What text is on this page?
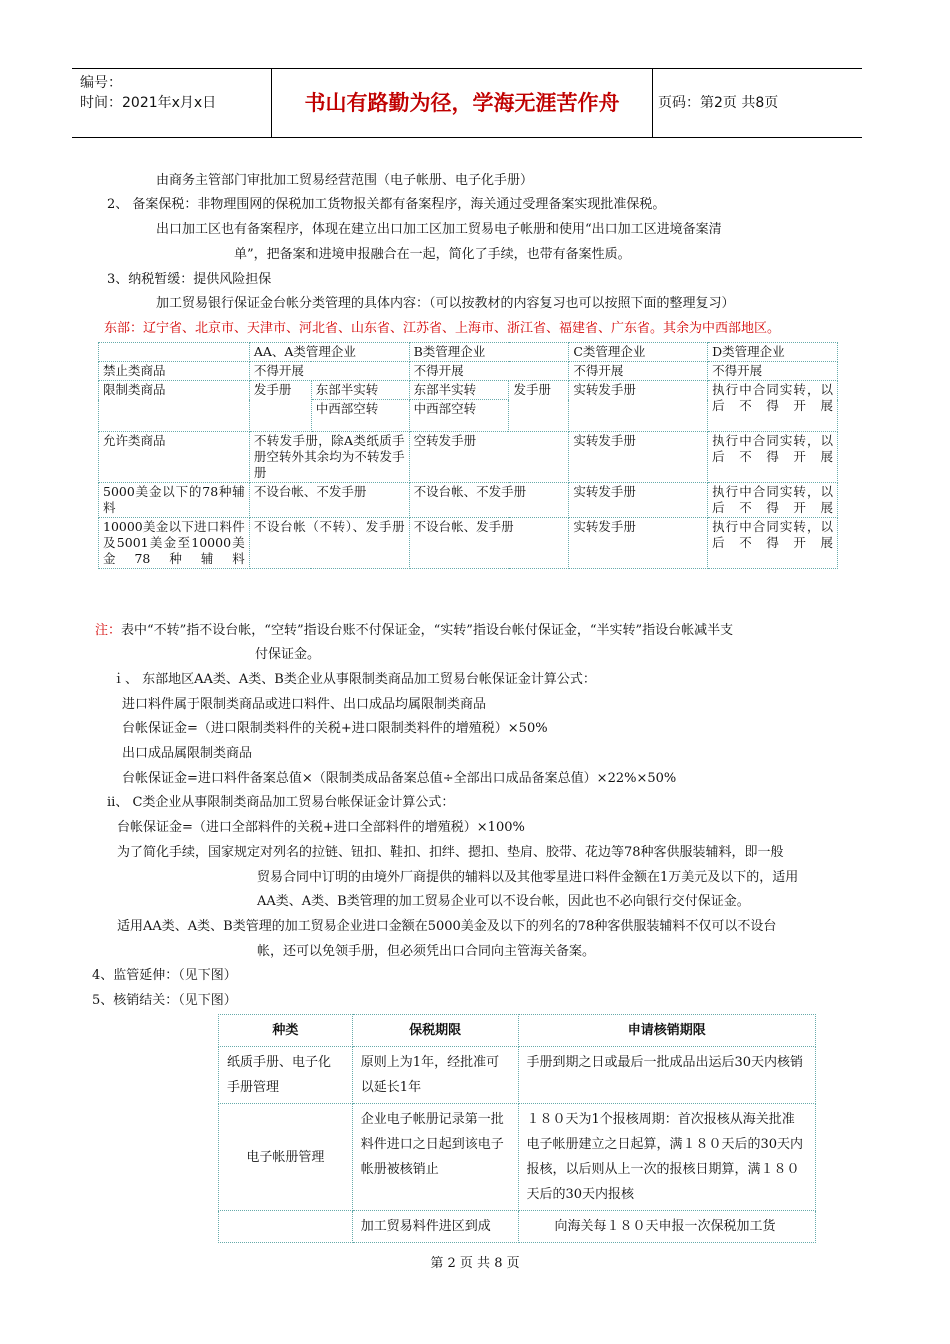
编号：
时间：2021年x月x日	书山有路勤为径，学海无涯苦作舟	页码：第2页 共8页
由商务主管部门审批加工贸易经营范围（电子帐册、电子化手册）
2、 备案保税：非物理围网的保税加工货物报关都有备案程序，海关通过受理备案实现批准保税。
出口加工区也有备案程序，体现在建立出口加工区加工贸易电子帐册和使用“出口加工区进境备案清
单”，把备案和进境申报融合在一起，简化了手续，也带有备案性质。
3、纳税暂缓：提供风险担保
加工贸易银行保证金台帐分类管理的具体内容：（可以按教材的内容复习也可以按照下面的整理复习）
东部：辽宁省、北京市、天津市、河北省、山东省、江苏省、上海市、浙江省、福建省、广东省。其余为中西部地区。
	AA、A类管理企业		B类管理企业		C类管理企业	D类管理企业
禁止类商品	不得开展		不得开展		不得开展	不得开展
限制类商品	发手册	东部半实转	东部半实转	发手册	实转发手册	执行中合同实转，以后不得开展
		中西部空转	中西部空转			
允许类商品	不转发手册，除A类纸质手册空转外其余均为不转发手册		空转发手册		实转发手册	执行中合同实转，以后不得开展
5000美金以下的78种辅料	不设台帐、不发手册		不设台帐、不发手册		实转发手册	执行中合同实转，以后不得开展
10000美金以下进口料件及5001美金至10000美金78种辅料	不设台帐（不转）、发手册		不设台帐、发手册		实转发手册	执行中合同实转，以后不得开展
注：表中“不转”指不设台帐，“空转”指设台账不付保证金，“实转”指设台帐付保证金，“半实转”指设台帐减半支
付保证金。
ｉ、 东部地区AA类、A类、B类企业从事限制类商品加工贸易台帐保证金计算公式：
进口料件属于限制类商品或进口料件、出口成品均属限制类商品
台帐保证金=（进口限制类料件的关税+进口限制类料件的增殖税）×50%
出口成品属限制类商品
台帐保证金=进口料件备案总值×（限制类成品备案总值÷全部出口成品备案总值）×22%×50%
ⅱ、 C类企业从事限制类商品加工贸易台帐保证金计算公式：
台帐保证金=（进口全部料件的关税+进口全部料件的增殖税）×100%
为了简化手续，国家规定对列名的拉链、钮扣、鞋扣、扣绊、摁扣、垫肩、胶带、花边等78种客供服装辅料，即一般
贸易合同中订明的由境外厂商提供的辅料以及其他零星进口料件金额在1万美元及以下的，适用
AA类、A类、B类管理的加工贸易企业可以不设台帐，因此也不必向银行交付保证金。
适用AA类、A类、B类管理的加工贸易企业进口金额在5000美金及以下的列名的78种客供服装辅料不仅可以不设台
帐，还可以免领手册，但必须凭出口合同向主管海关备案。
4、监管延伸：（见下图）
5、核销结关：（见下图）
种类	保税期限	申请核销期限
纸质手册、电子化手册管理	原则上为1年，经批准可以延长1年	手册到期之日或最后一批成品出运后30天内核销
电子帐册管理	企业电子帐册记录第一批料件进口之日起到该电子帐册被核销止	１８０天为1个报核周期：首次报核从海关批准电子帐册建立之日起算，满１８０天后的30天内报核，以后则从上一次的报核日期算，满１８０天后的30天内报核
	加工贸易料件进区到成	向海关每１８０天申报一次保税加工货
第 2 页 共 8 页
